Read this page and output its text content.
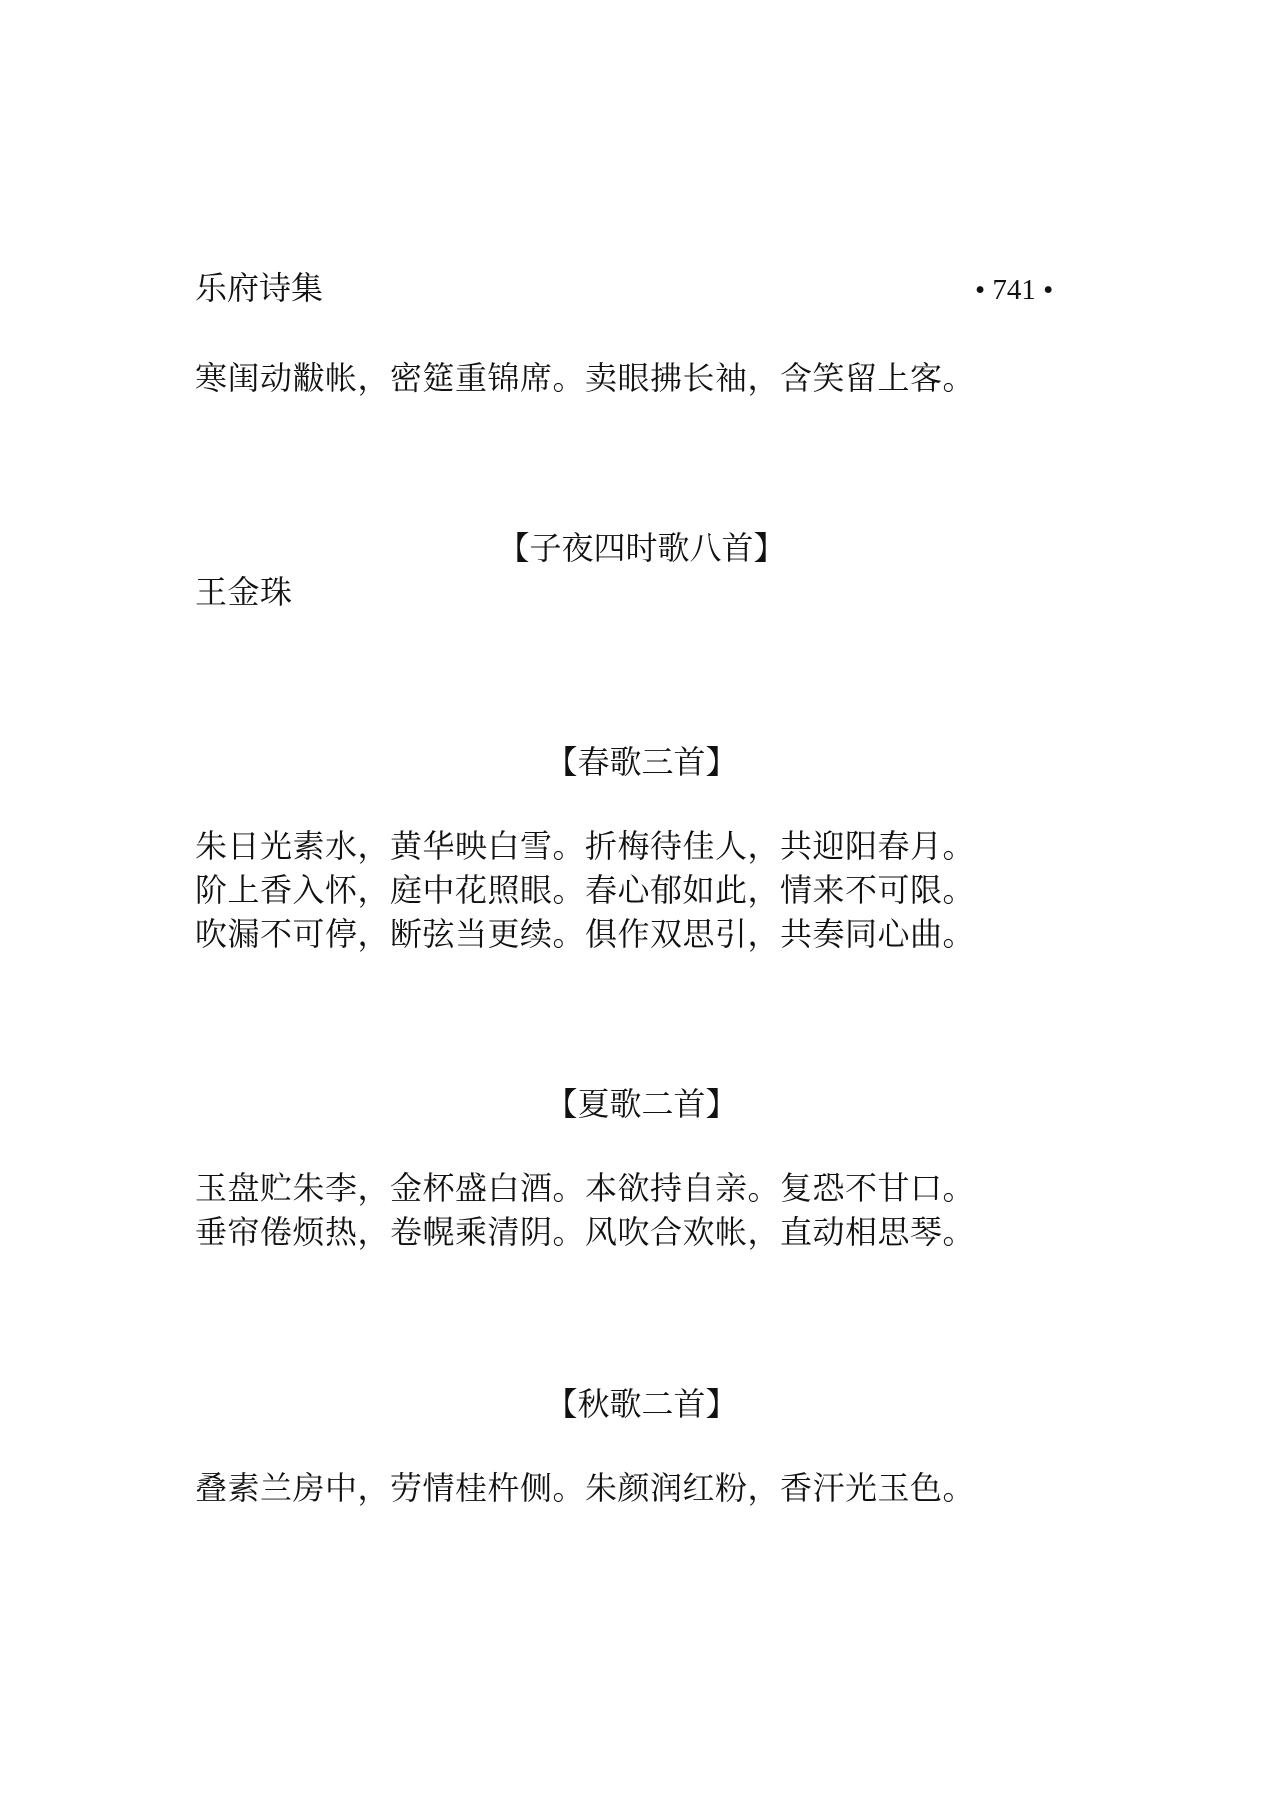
乐府诗集	• 741 •
寒闺动黻帐，密筵重锦席。卖眼拂长袖，含笑留上客。
【子夜四时歌八首】
王金珠
【春歌三首】
朱日光素水，黄华映白雪。折梅待佳人，共迎阳春月。
阶上香入怀，庭中花照眼。春心郁如此，情来不可限。
吹漏不可停，断弦当更续。俱作双思引，共奏同心曲。
【夏歌二首】
玉盘贮朱李，金杯盛白酒。本欲持自亲。复恐不甘口。
垂帘倦烦热，卷幌乘清阴。风吹合欢帐，直动相思琴。
【秋歌二首】
叠素兰房中，劳情桂杵侧。朱颜润红粉，香汗光玉色。
